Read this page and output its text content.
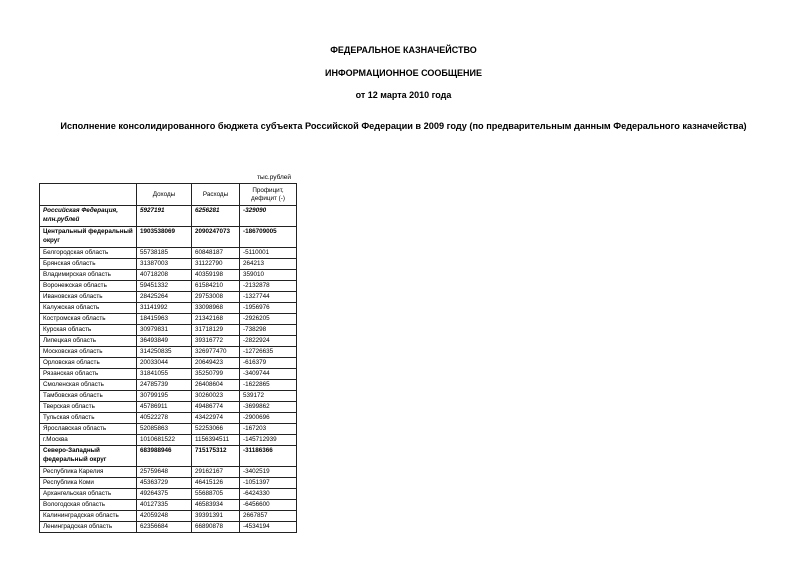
ФЕДЕРАЛЬНОЕ КАЗНАЧЕЙСТВО
ИНФОРМАЦИОННОЕ СООБЩЕНИЕ
от 12 марта 2010 года
Исполнение консолидированного бюджета субъекта Российской Федерации в 2009 году (по предварительным данным Федерального казначейства)
тыс.рублей
	Доходы	Расходы	Профицит, дефицит (-)
Российская Федерация, млн.рублей	5927191	6256281	-329090
Центральный федеральный округ	1903538069	2090247073	-186709005
Белгородская область	55738185	60848187	-5110001
Брянская область	31387003	31122790	264213
Владимирская область	40718208	40359198	359010
Воронежская область	59451332	61584210	-2132878
Ивановская область	28425264	29753008	-1327744
Калужская область	31141992	33098968	-1956976
Костромская область	18415963	21342168	-2926205
Курская область	30979831	31718129	-738298
Липецкая область	36493849	39316772	-2822924
Московская область	314250835	326977470	-12726635
Орловская область	20033044	20649423	-616379
Рязанская область	31841055	35250799	-3409744
Смоленская область	24785739	26408604	-1622865
Тамбовская область	30799195	30260023	539172
Тверская область	45786911	49486774	-3699862
Тульская область	40522278	43422974	-2900696
Ярославская область	52085863	52253066	-167203
г.Москва	1010681522	1156394511	-145712939
Северо-Западный федеральный округ	683988946	715175312	-31186366
Республика Карелия	25759648	29162167	-3402519
Республика Коми	45363729	46415126	-1051397
Архангельская область	49264375	55688705	-6424330
Вологодская область	40127335	46583934	-6456600
Калининградская область	42059248	39391391	2667857
Ленинградская область	62356684	66890878	-4534194
